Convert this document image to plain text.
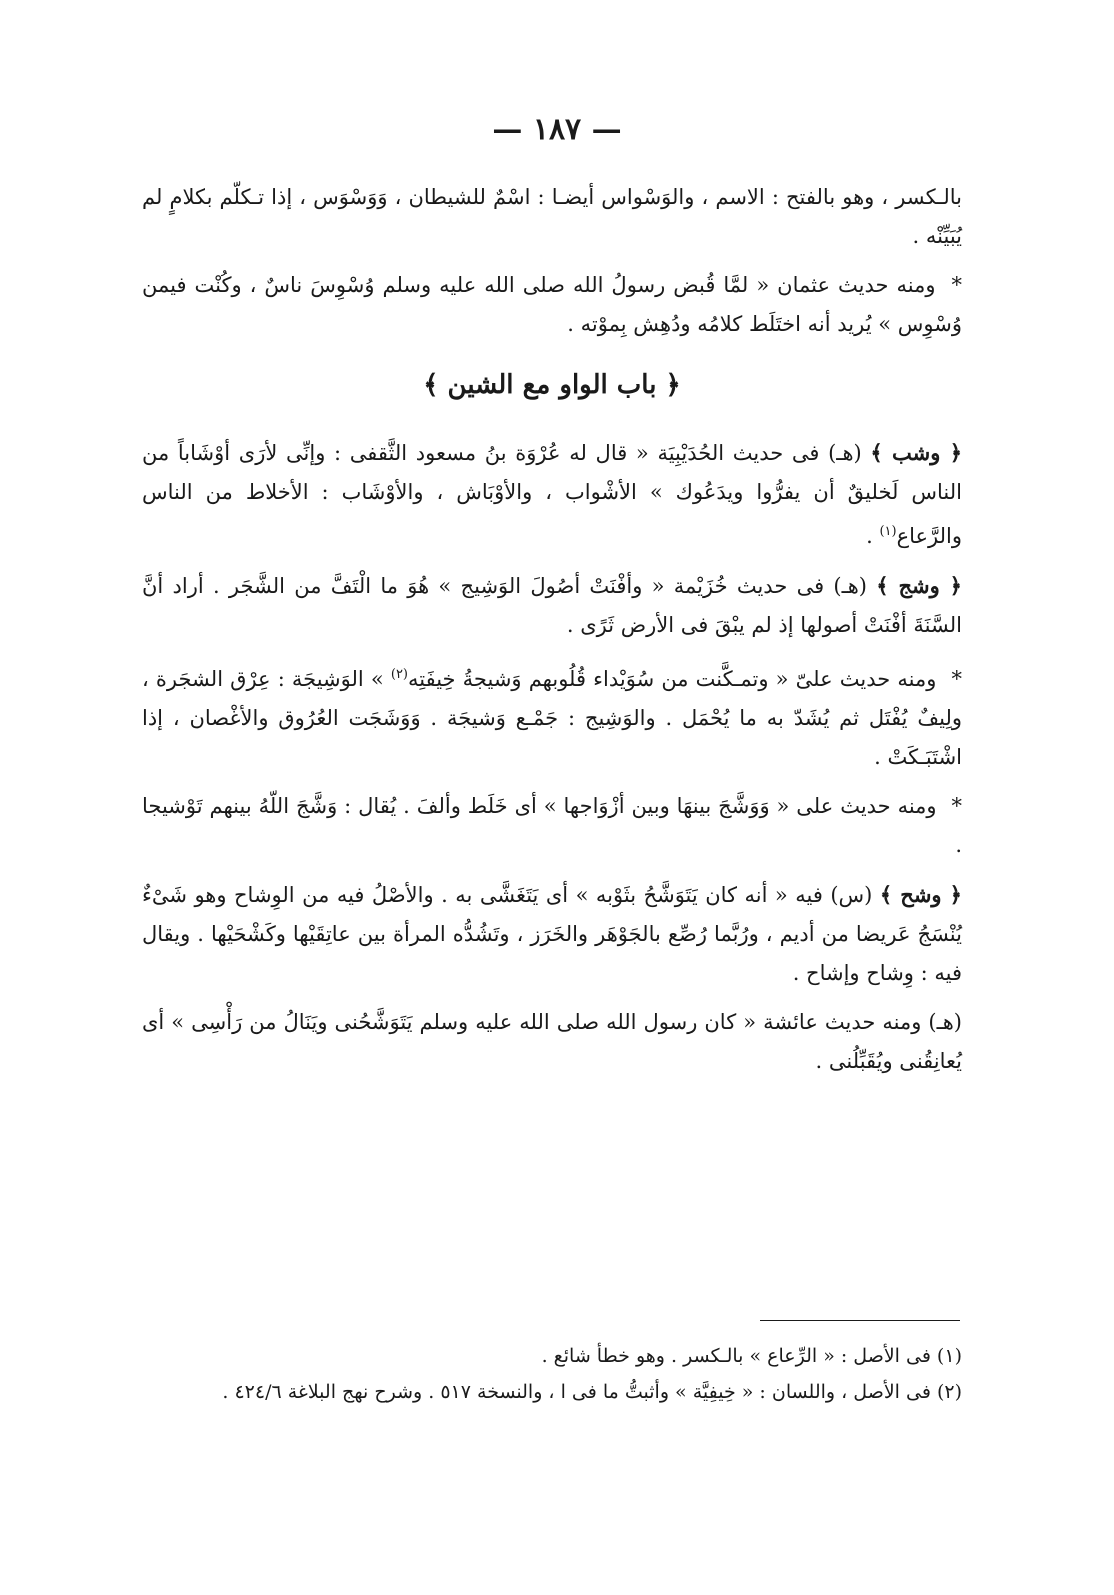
— ١٨٧ —

بالـكسر ، وهو بالفتح : الاسم ، والوَسْواس أيضـا : اسْمٌ للشيطان ، وَوَسْوَس ، إذا تـكلّم بكلامٍ لم يُبَيِّنْه .

* ومنه حديث عثمان « لمَّا قُبض رسولُ الله صلى الله عليه وسلم وُسْوِسَ ناسٌ ، وكُنْت فيمن وُسْوِس » يُريد أنه اختَلَط كلامُه ودُهِش بِموْته .

﴿ باب الواو مع الشين ﴾

﴿ وشب ﴾ (هـ) فى حديث الحُدَيْبِيَة « قال له عُرْوَة بنُ مسعود الثَّقفى : وإنِّى لأرَى أوْشَاباً من الناس لَخليقٌ أن يفرُّوا ويدَعُوك » الأشْواب ، والأوْبَاش ، والأوْشَاب : الأخلاط من الناس والرَّعاع$^{(١)}$ .

﴿ وشج ﴾ (هـ) فى حديث خُزَيْمة « وأفْنَتْ أصُولَ الوَشِيج » هُوَ ما الْتَفَّ من الشَّجَر . أراد أنَّ السَّنَةَ أفْنَتْ أصولها إذ لم يبْقَ فى الأرض ثَرًى .

* ومنه حديث علىّ « وتمـكَّنت من سُوَيْداء قُلُوبهم وَشيجةُ خِيفَتِه$^{(٢)}$ » الوَشِيجَة : عِرْق الشجَرة ، ولِيفٌ يُفْتَل ثم يُشَدّ به ما يُحْمَل . والوَشِيج : جَمْـع وَشيجَة . وَوَشَجَت العُرُوق والأغْصان ، إذا اشْتَبَـكَتْ .

* ومنه حديث على « وَوَشَّجَ بينهَا وبين أزْوَاجها » أى خَلَط وألفَ . يُقال : وَشَّجَ اللّهُ بينهم تَوْشيجا .

﴿ وشح ﴾ (س) فيه « أنه كان يَتَوَشَّحُ بثَوْبه » أى يَتَغَشَّى به . والأصْلُ فيه من الوِشاح وهو شَىْءٌ يُنْسَجُ عَريضا من أديم ، ورُبَّما رُصِّع بالجَوْهَر والخَرَز ، وتَشُدُّه المرأة بين عاتِقَيْها وكَشْحَيْها . ويقال فيه : وِشاح وإشاح .

(هـ) ومنه حديث عائشة « كان رسول الله صلى الله عليه وسلم يَتَوَشَّحُنى ويَنَالُ من رَأْسِى » أى يُعانِقُنى ويُقَبِّلُنى .

(١) فى الأصل : « الرِّعاع » بالـكسر . وهو خطأ شائع .

(٢) فى الأصل ، واللسان : « خِيفِيَّة » وأثبتُّ ما فى ا ، والنسخة ٥١٧ . وشرح نهج البلاغة ٤٢٤/٦ .
